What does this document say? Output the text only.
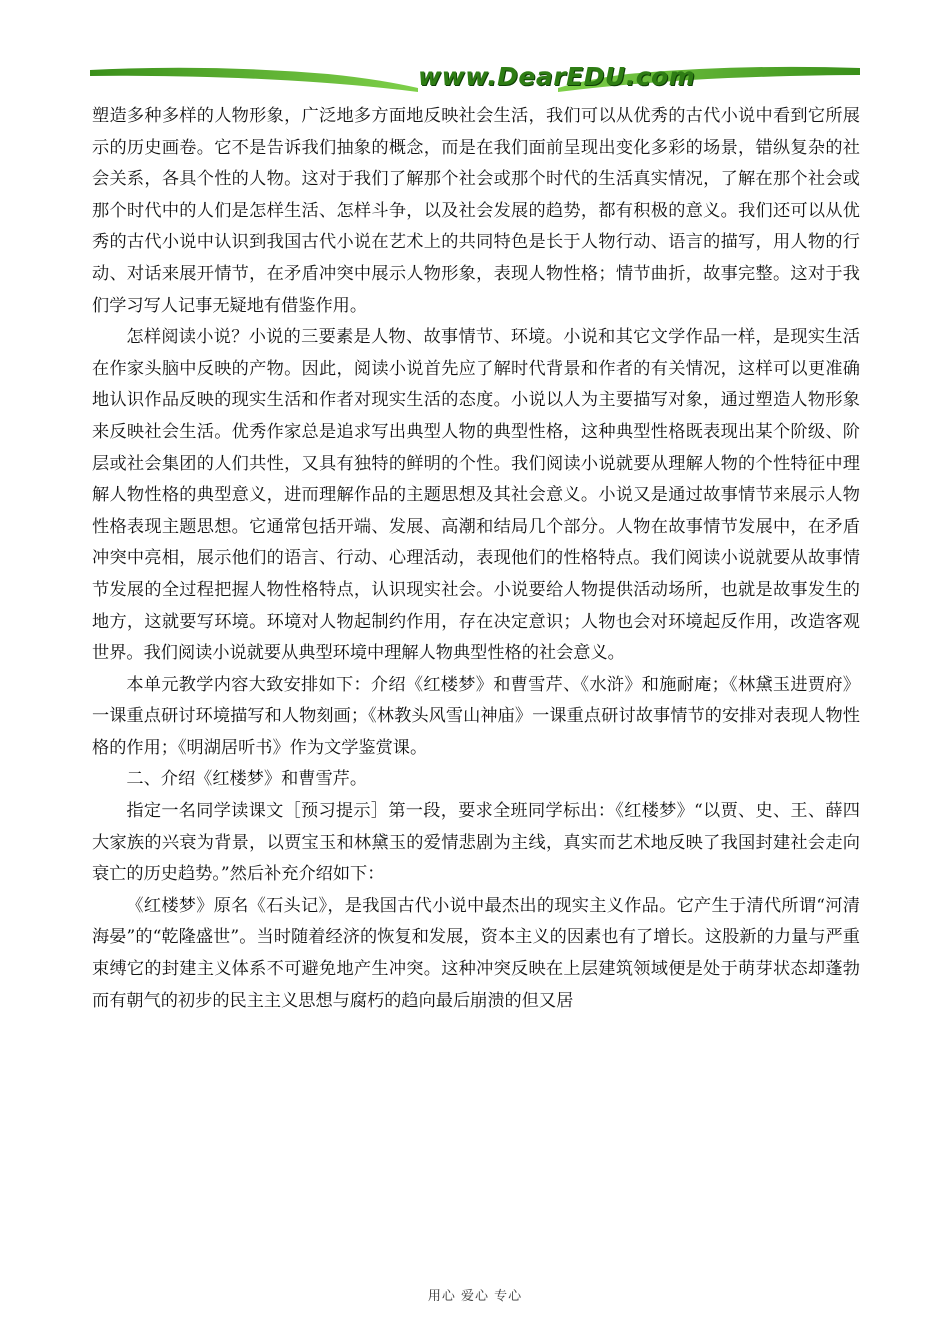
www.DearEDU.com

塑造多种多样的人物形象，广泛地多方面地反映社会生活，我们可以从优秀的古代小说中看到它所展示的历史画卷。它不是告诉我们抽象的概念，而是在我们面前呈现出变化多彩的场景，错纵复杂的社会关系，各具个性的人物。这对于我们了解那个社会或那个时代的生活真实情况，了解在那个社会或那个时代中的人们是怎样生活、怎样斗争，以及社会发展的趋势，都有积极的意义。我们还可以从优秀的古代小说中认识到我国古代小说在艺术上的共同特色是长于人物行动、语言的描写，用人物的行动、对话来展开情节，在矛盾冲突中展示人物形象，表现人物性格；情节曲折，故事完整。这对于我们学习写人记事无疑地有借鉴作用。

怎样阅读小说？小说的三要素是人物、故事情节、环境。小说和其它文学作品一样，是现实生活在作家头脑中反映的产物。因此，阅读小说首先应了解时代背景和作者的有关情况，这样可以更准确地认识作品反映的现实生活和作者对现实生活的态度。小说以人为主要描写对象，通过塑造人物形象来反映社会生活。优秀作家总是追求写出典型人物的典型性格，这种典型性格既表现出某个阶级、阶层或社会集团的人们共性，又具有独特的鲜明的个性。我们阅读小说就要从理解人物的个性特征中理解人物性格的典型意义，进而理解作品的主题思想及其社会意义。小说又是通过故事情节来展示人物性格表现主题思想。它通常包括开端、发展、高潮和结局几个部分。人物在故事情节发展中，在矛盾冲突中亮相，展示他们的语言、行动、心理活动，表现他们的性格特点。我们阅读小说就要从故事情节发展的全过程把握人物性格特点，认识现实社会。小说要给人物提供活动场所，也就是故事发生的地方，这就要写环境。环境对人物起制约作用，存在决定意识；人物也会对环境起反作用，改造客观世界。我们阅读小说就要从典型环境中理解人物典型性格的社会意义。

本单元教学内容大致安排如下：介绍《红楼梦》和曹雪芹、《水浒》和施耐庵；《林黛玉进贾府》一课重点研讨环境描写和人物刻画；《林教头风雪山神庙》一课重点研讨故事情节的安排对表现人物性格的作用；《明湖居听书》作为文学鉴赏课。

二、介绍《红楼梦》和曹雪芹。

指定一名同学读课文［预习提示］第一段，要求全班同学标出：《红楼梦》“以贾、史、王、薛四大家族的兴衰为背景，以贾宝玉和林黛玉的爱情悲剧为主线，真实而艺术地反映了我国封建社会走向衰亡的历史趋势。”然后补充介绍如下：

《红楼梦》原名《石头记》，是我国古代小说中最杰出的现实主义作品。它产生于清代所谓“河清海晏”的“乾隆盛世”。当时随着经济的恢复和发展，资本主义的因素也有了增长。这股新的力量与严重束缚它的封建主义体系不可避免地产生冲突。这种冲突反映在上层建筑领域便是处于萌芽状态却蓬勃而有朝气的初步的民主主义思想与腐朽的趋向最后崩溃的但又居

用心 爱心 专心
